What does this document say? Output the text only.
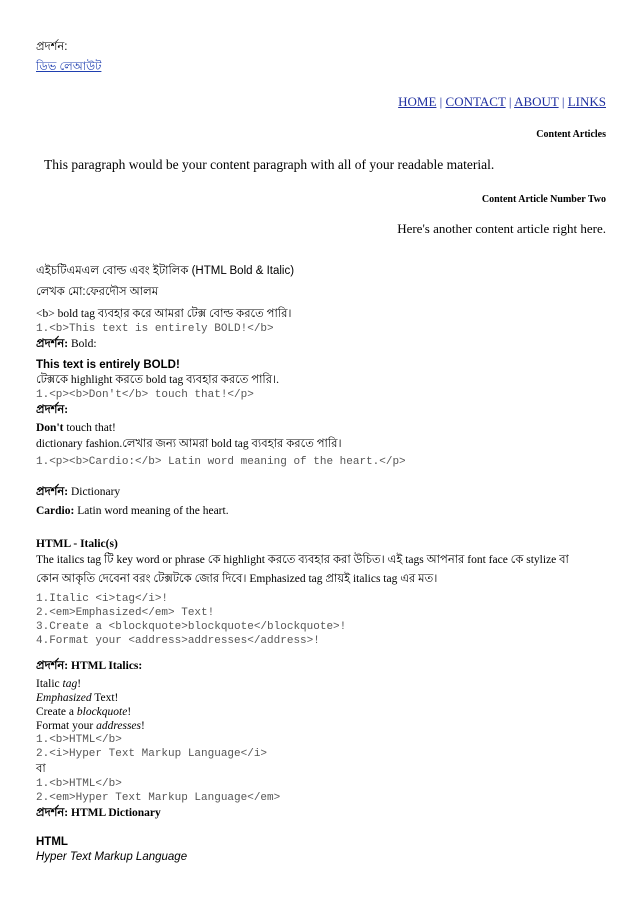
প্রদর্শন:
ডিভ লেআউট
HOME | CONTACT | ABOUT | LINKS
Content Articles
This paragraph would be your content paragraph with all of your readable material.
Content Article Number Two
Here's another content article right here.
এইচটিএমএল বোল্ড এবং ইটালিক (HTML Bold & Italic)
লেখক মো:ফেরদৌস আলম
<b> bold tag ব্যবহার করে আমরা টেক্স বোল্ড করতে পারি।
1.<b>This text is entirely BOLD!</b>
প্রদর্শন: Bold:
This text is entirely BOLD!
টেক্সকে highlight করতে bold tag ব্যবহার করতে পারি।.
1.<p><b>Don't</b> touch that!</p>
প্রদর্শন:
Don't touch that!
dictionary fashion.লেখার জন্য আমরা bold tag ব্যবহার করতে পারি।
1.<p><b>Cardio:</b> Latin word meaning of the heart.</p>
প্রদর্শন: Dictionary
Cardio: Latin word meaning of the heart.
HTML - Italic(s)
The italics tag টি key word or phrase কে highlight করতে ব্যবহার করা উচিত। এই tags আপনার font face কে stylize বা
কোন আকৃতি দেবেনা বরং টেক্সটকে জোর দিবে। Emphasized tag প্রায়ই italics tag এর মত।
1.Italic <i>tag</i>!
2.<em>Emphasized</em> Text!
3.Create a <blockquote>blockquote</blockquote>!
4.Format your <address>addresses</address>!
প্রদর্শন: HTML Italics:
Italic tag!
Emphasized Text!
Create a blockquote!
Format your addresses!
1.<b>HTML</b>
2.<i>Hyper Text Markup Language</i>
বা
1.<b>HTML</b>
2.<em>Hyper Text Markup Language</em>
প্রদর্শন: HTML Dictionary
HTML
Hyper Text Markup Language
